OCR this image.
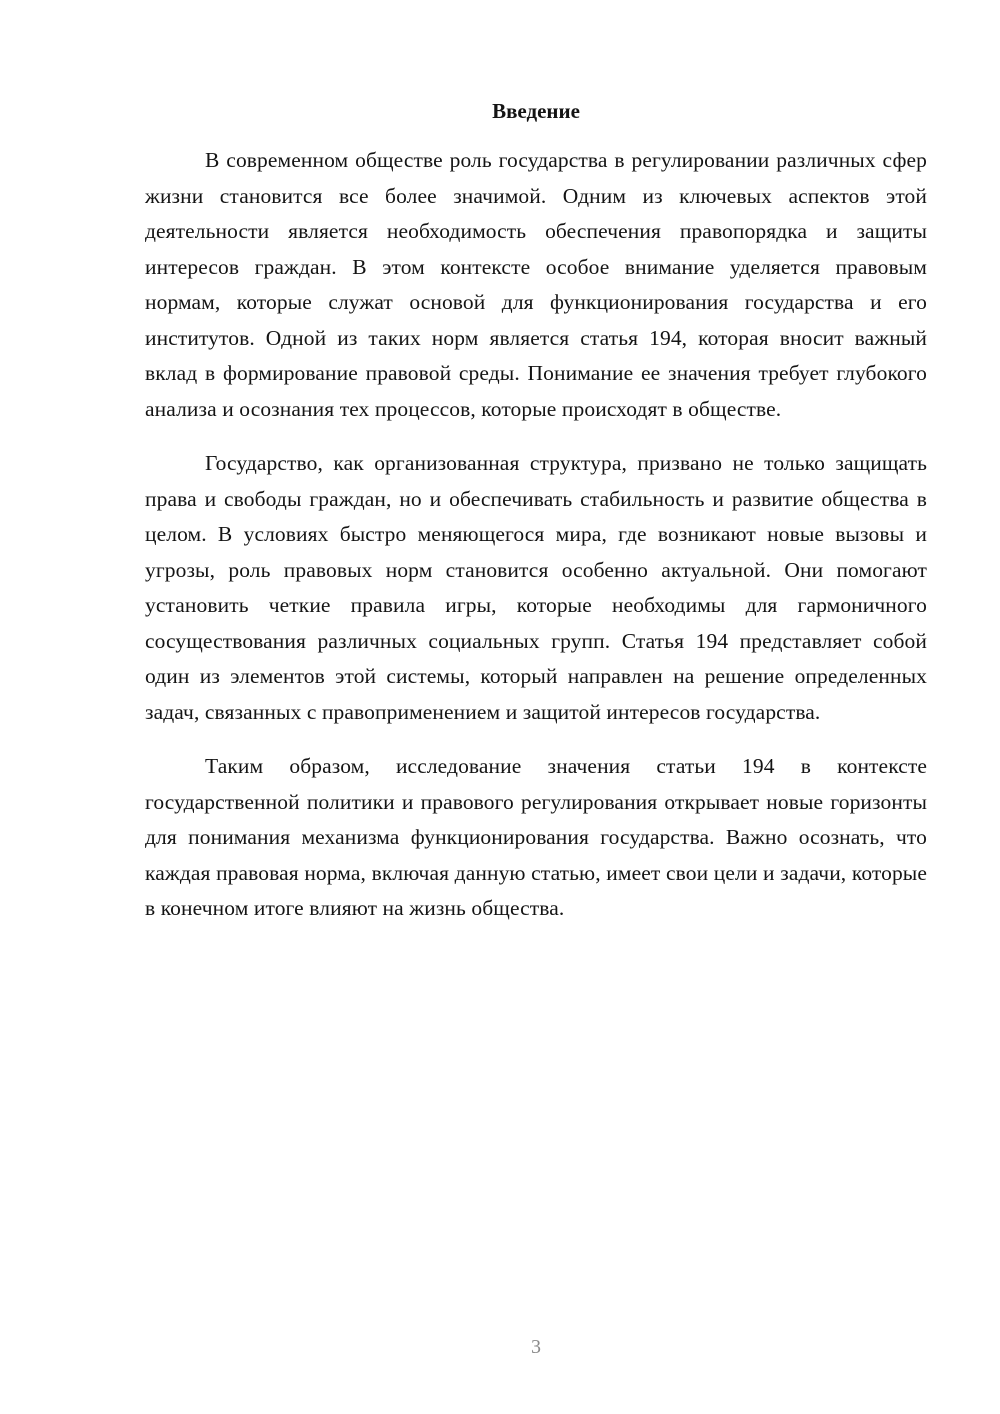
Введение

В современном обществе роль государства в регулировании различных сфер жизни становится все более значимой. Одним из ключевых аспектов этой деятельности является необходимость обеспечения правопорядка и защиты интересов граждан. В этом контексте особое внимание уделяется правовым нормам, которые служат основой для функционирования государства и его институтов. Одной из таких норм является статья 194, которая вносит важный вклад в формирование правовой среды. Понимание ее значения требует глубокого анализа и осознания тех процессов, которые происходят в обществе.

Государство, как организованная структура, призвано не только защищать права и свободы граждан, но и обеспечивать стабильность и развитие общества в целом. В условиях быстро меняющегося мира, где возникают новые вызовы и угрозы, роль правовых норм становится особенно актуальной. Они помогают установить четкие правила игры, которые необходимы для гармоничного сосуществования различных социальных групп. Статья 194 представляет собой один из элементов этой системы, который направлен на решение определенных задач, связанных с правоприменением и защитой интересов государства.

Таким образом, исследование значения статьи 194 в контексте государственной политики и правового регулирования открывает новые горизонты для понимания механизма функционирования государства. Важно осознать, что каждая правовая норма, включая данную статью, имеет свои цели и задачи, которые в конечном итоге влияют на жизнь общества.

3
